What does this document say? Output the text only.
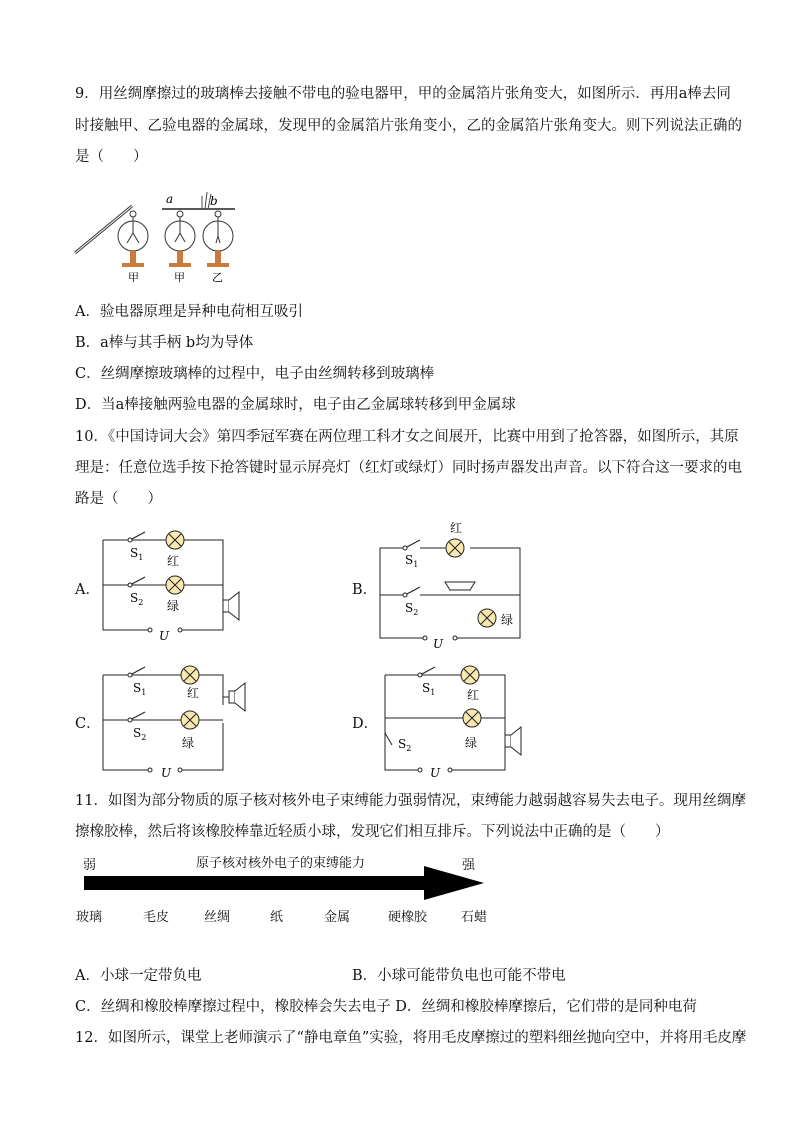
9．用丝绸摩擦过的玻璃棒去接触不带电的验电器甲，甲的金属箔片张角变大，如图所示．再用a棒去同
时接触甲、乙验电器的金属球，发现甲的金属箔片张角变小，乙的金属箔片张角变大。则下列说法正确的
是（　　）
a	b
甲	甲 乙
A．验电器原理是异种电荷相互吸引
B．a棒与其手柄 b均为导体
C．丝绸摩擦玻璃棒的过程中，电子由丝绸转移到玻璃棒
D．当a棒接触两验电器的金属球时，电子由乙金属球转移到甲金属球
10．《中国诗词大会》第四季冠军赛在两位理工科才女之间展开，比赛中用到了抢答器，如图所示，其原
理是：任意位选手按下抢答键时显示屏亮灯（红灯或绿灯）同时扬声器发出声音。以下符合这一要求的电
路是（　　）
A．	B．
C．	D．
$S_1$ 红
$S_2$ 绿
U
红
$S_1$
$S_2$
绿
U
$S_1$	红
$S_2$	绿
U
$S_1$	红
$S_2$	绿
U
11．如图为部分物质的原子核对核外电子束缚能力强弱情况，束缚能力越弱越容易失去电子。现用丝绸摩
擦橡胶棒，然后将该橡胶棒靠近轻质小球，发现它们相互排斥。下列说法中正确的是（　　）
弱	强
原子核对核外电子的束缚能力
玻璃	毛皮	丝绸	纸	金属	硬橡胶	石蜡
A．小球一定带负电	B．小球可能带负电也可能不带电
C．丝绸和橡胶棒摩擦过程中，橡胶棒会失去电子 D．丝绸和橡胶棒摩擦后，它们带的是同种电荷
12．如图所示，课堂上老师演示了“静电章鱼”实验，将用毛皮摩擦过的塑料细丝抛向空中，并将用毛皮摩
